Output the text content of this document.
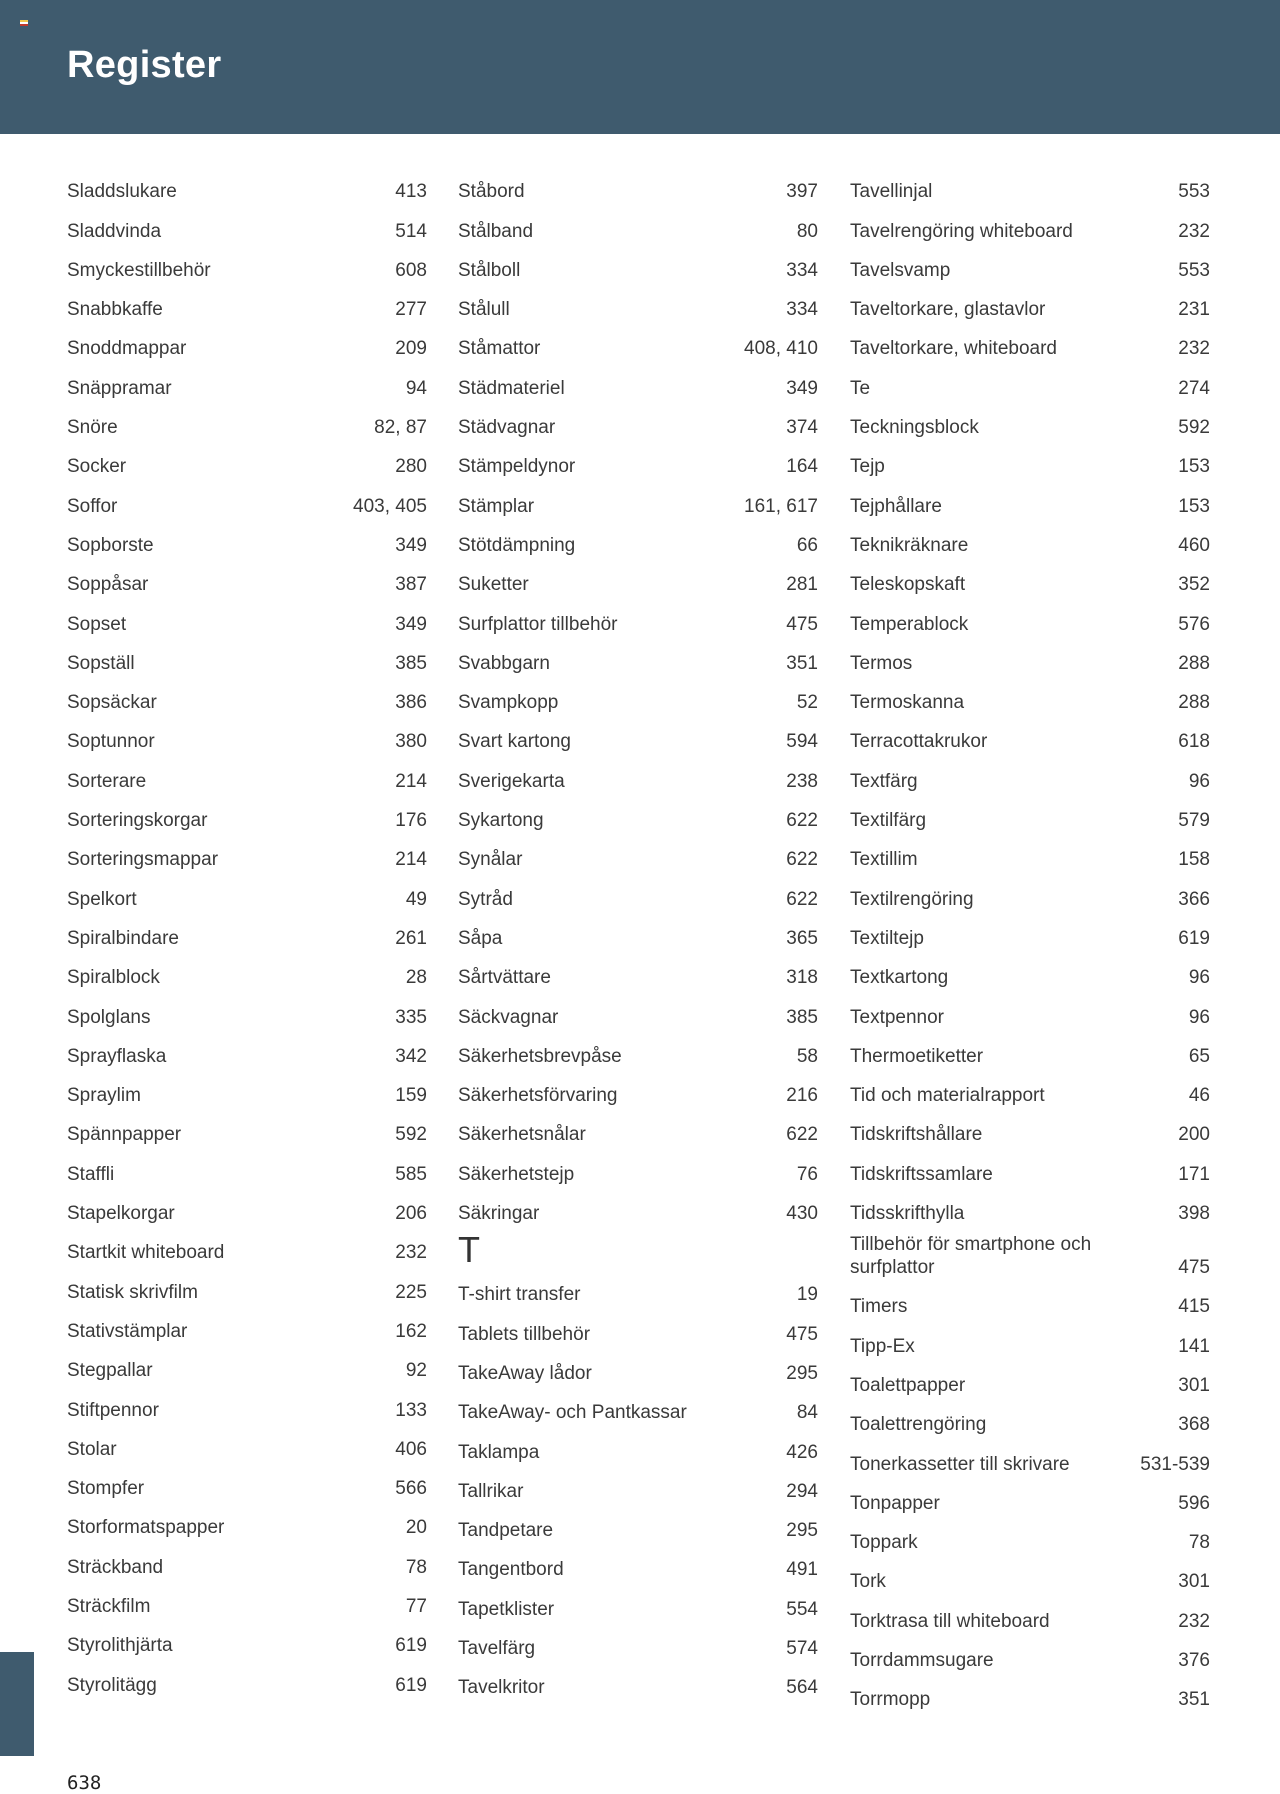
Register
Sladdslukare	413
Sladdvinda	514
Smyckestillbehör	608
Snabbkaffe	277
Snoddmappar	209
Snäppramar	94
Snöre	82, 87
Socker	280
Soffor	403, 405
Sopborste	349
Soppåsar	387
Sopset	349
Sopställ	385
Sopsäckar	386
Soptunnor	380
Sorterare	214
Sorteringskorgar	176
Sorteringsmappar	214
Spelkort	49
Spiralbindare	261
Spiralblock	28
Spolglans	335
Sprayflaska	342
Spraylim	159
Spännpapper	592
Staffli	585
Stapelkorgar	206
Startkit whiteboard	232
Statisk skrivfilm	225
Stativstämplar	162
Stegpallar	92
Stiftpennor	133
Stolar	406
Stompfer	566
Storformatspapper	20
Sträckband	78
Sträckfilm	77
Styrolithjärta	619
Styrolitägg	619
Ståbord	397
Stålband	80
Stålboll	334
Stålull	334
Ståmattor	408, 410
Städmateriel	349
Städvagnar	374
Stämpeldynor	164
Stämplar	161, 617
Stötdämpning	66
Suketter	281
Surfplattor tillbehör	475
Svabbgarn	351
Svampkopp	52
Svart kartong	594
Sverigekarta	238
Sykartong	622
Synålar	622
Sytråd	622
Såpa	365
Sårtvättare	318
Säckvagnar	385
Säkerhetsbrevpåse	58
Säkerhetsförvaring	216
Säkerhetsnålar	622
Säkerhetstejp	76
Säkringar	430
T
T-shirt transfer	19
Tablets tillbehör	475
TakeAway lådor	295
TakeAway- och Pantkassar	84
Taklampa	426
Tallrikar	294
Tandpetare	295
Tangentbord	491
Tapetklister	554
Tavelfärg	574
Tavelkritor	564
Tavellinjal	553
Tavelrengöring whiteboard	232
Tavelsvamp	553
Taveltorkare, glastavlor	231
Taveltorkare, whiteboard	232
Te	274
Teckningsblock	592
Tejp	153
Tejphållare	153
Teknikräknare	460
Teleskopskaft	352
Temperablock	576
Termos	288
Termoskanna	288
Terracottakrukor	618
Textfärg	96
Textilfärg	579
Textillim	158
Textilrengöring	366
Textiltejp	619
Textkartong	96
Textpennor	96
Thermoetiketter	65
Tid och materialrapport	46
Tidskriftshållare	200
Tidskriftssamlare	171
Tidsskrifthylla	398
Tillbehör för smartphone och surfplattor	475
Timers	415
Tipp-Ex	141
Toalettpapper	301
Toalettrengöring	368
Tonerkassetter till skrivare	531-539
Tonpapper	596
Toppark	78
Tork	301
Torktrasa till whiteboard	232
Torrdammsugare	376
Torrmopp	351
638
